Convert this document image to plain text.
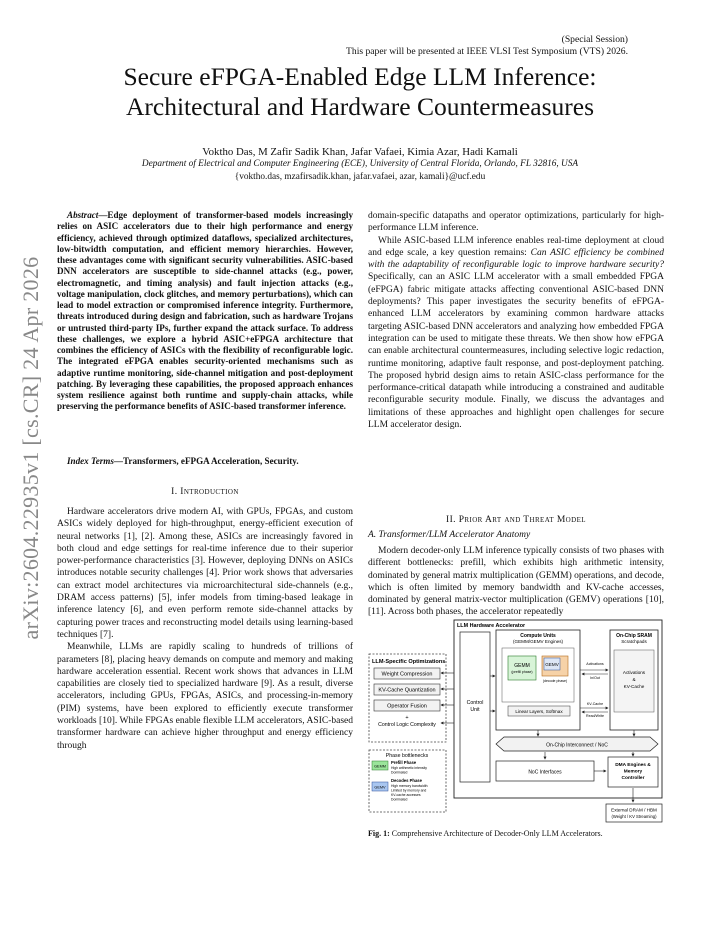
(Special Session)
This paper will be presented at IEEE VLSI Test Symposium (VTS) 2026.
Secure eFPGA-Enabled Edge LLM Inference:
Architectural and Hardware Countermeasures
Voktho Das, M Zafir Sadik Khan, Jafar Vafaei, Kimia Azar, Hadi Kamali
Department of Electrical and Computer Engineering (ECE), University of Central Florida, Orlando, FL 32816, USA
{voktho.das, mzafirsadik.khan, jafar.vafaei, azar, kamali}@ucf.edu
arXiv:2604.22935v1 [cs.CR] 24 Apr 2026
Abstract—Edge deployment of transformer-based models increasingly relies on ASIC accelerators due to their high performance and energy efficiency, achieved through optimized dataflows, specialized architectures, low-bitwidth computation, and efficient memory hierarchies. However, these advantages come with significant security vulnerabilities. ASIC-based DNN accelerators are susceptible to side-channel attacks (e.g., power, electromagnetic, and timing analysis) and fault injection attacks (e.g., voltage manipulation, clock glitches, and memory perturbations), which can lead to model extraction or compromised inference integrity. Furthermore, threats introduced during design and fabrication, such as hardware Trojans or untrusted third-party IPs, further expand the attack surface. To address these challenges, we explore a hybrid ASIC+eFPGA architecture that combines the efficiency of ASICs with the flexibility of reconfigurable logic. The integrated eFPGA enables security-oriented mechanisms such as adaptive runtime monitoring, side-channel mitigation and post-deployment patching. By leveraging these capabilities, the proposed approach enhances system resilience against both runtime and supply-chain attacks, while preserving the performance benefits of ASIC-based transformer inference.
Index Terms—Transformers, eFPGA Acceleration, Security.
I. Introduction

Hardware accelerators drive modern AI, with GPUs, FPGAs, and custom ASICs widely deployed for high-throughput, energy-efficient execution of neural networks [1], [2]. Among these, ASICs are increasingly favored in both cloud and edge settings for real-time inference due to their superior power-performance characteristics [3]. However, deploying DNNs on ASICs introduces notable security challenges [4]. Prior work shows that adversaries can extract model architectures via microarchitectural side-channels (e.g., DRAM access patterns) [5], infer models from timing-based leakage in inference latency [6], and even perform remote side-channel attacks by capturing power traces and reconstructing model details using learning-based techniques [7].

Meanwhile, LLMs are rapidly scaling to hundreds of trillions of parameters [8], placing heavy demands on compute and memory and making hardware acceleration essential. Recent work shows that advances in LLM capabilities are closely tied to specialized hardware [9]. As a result, diverse accelerators, including GPUs, FPGAs, ASICs, and processing-in-memory (PIM) systems, have been explored to efficiently execute transformer workloads [10]. While FPGAs enable flexible LLM accelerators, ASIC-based transformer hardware can achieve higher throughput and energy efficiency through

domain-specific datapaths and operator optimizations, particularly for high-performance LLM inference.

While ASIC-based LLM inference enables real-time deployment at cloud and edge scale, a key question remains: Can ASIC efficiency be combined with the adaptability of reconfigurable logic to improve hardware security? Specifically, can an ASIC LLM accelerator with a small embedded FPGA (eFPGA) fabric mitigate attacks affecting conventional ASIC-based DNN deployments? This paper investigates the security benefits of eFPGA-enhanced LLM accelerators by examining common hardware attacks targeting ASIC-based DNN accelerators and analyzing how embedded FPGA integration can be used to mitigate these threats. We then show how eFPGA can enable architectural countermeasures, including selective logic redaction, runtime monitoring, adaptive fault response, and post-deployment patching. The proposed hybrid design aims to retain ASIC-class performance for the performance-critical datapath while introducing a constrained and auditable reconfigurable security module. Finally, we discuss the advantages and limitations of these approaches and highlight open challenges for secure LLM accelerator design.

II. Prior Art and Threat Model
A. Transformer/LLM Accelerator Anatomy

Modern decoder-only LLM inference typically consists of two phases with different bottlenecks: prefill, which exhibits high arithmetic intensity, dominated by general matrix multiplication (GEMM) operations, and decode, which is often limited by memory bandwidth and KV-cache accesses, dominated by general matrix-vector multiplication (GEMV) operations [10], [11]. Across both phases, the accelerator repeatedly

LLM-Specific Optimizations
Weight Compression
KV-Cache Quantization
Operator Fusion
+
Control Logic Complexity
Phase bottlenecks
GEMM
Prefill Phase
High arithmetic intensity
Dominated
GEMV
Decodes Phase
High memory bandwidth
Limited by memory and
KV-cache accesses
Dominated
LLM Hardware Accelerator
Control
Unit
Compute Units
(GEMM/GEMV Engines)
GEMM
(prefill phase)
GEMV
(decode phase)
Linear Layers, Softmax
On-Chip SRAM
Scratchpads
Activations
&
KV-Cache
Activations
In/Out
KV-Cache
Read/Write
On-Chip Interconnect / NoC
NoC Interfaces
DMA Engines &
Memory
Controller
External DRAM / HBM
(Weight / KV Streaming)
Fig. 1: Comprehensive Architecture of Decoder-Only LLM Accelerators.
